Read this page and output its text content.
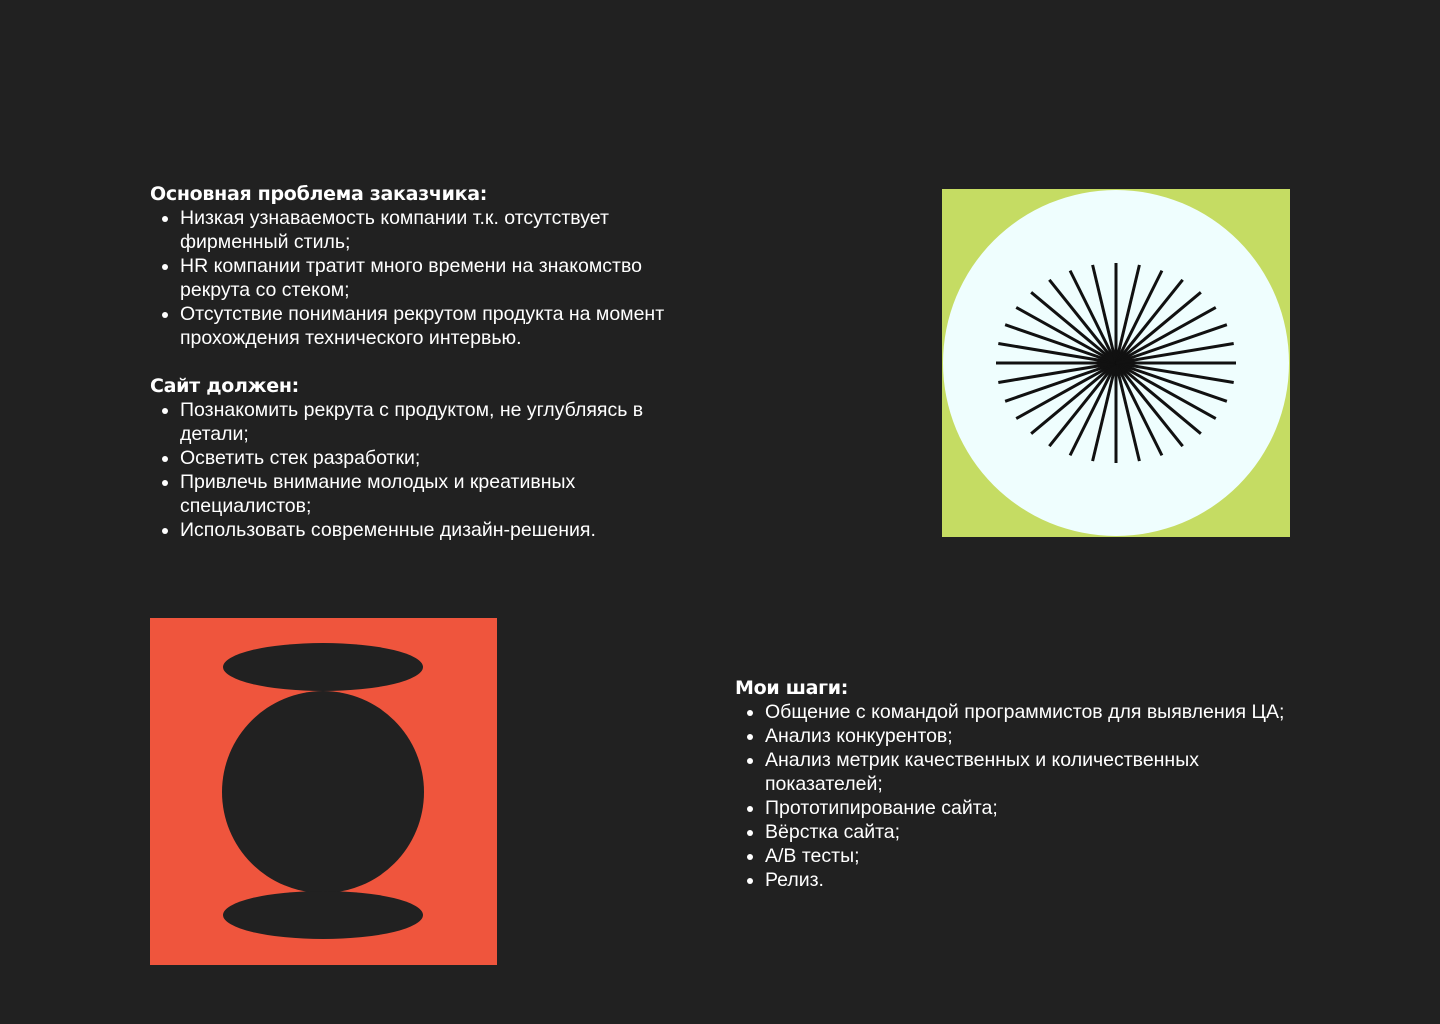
Основная проблема заказчика:
• Низкая узнаваемость компании т.к. отсутствует фирменный стиль;
• HR компании тратит много времени на знакомство рекрута со стеком;
• Отсутствие понимания рекрутом продукта на момент прохождения технического интервью.
Сайт должен:
• Познакомить рекрута с продуктом, не углубляясь в детали;
• Осветить стек разработки;
• Привлечь внимание молодых и креативных специалистов;
• Использовать современные дизайн-решения.
Мои шаги:
• Общение с командой программистов для выявления ЦА;
• Анализ конкурентов;
• Анализ метрик качественных и количественных показателей;
• Прототипирование сайта;
• Вёрстка сайта;
• A/B тесты;
• Релиз.
